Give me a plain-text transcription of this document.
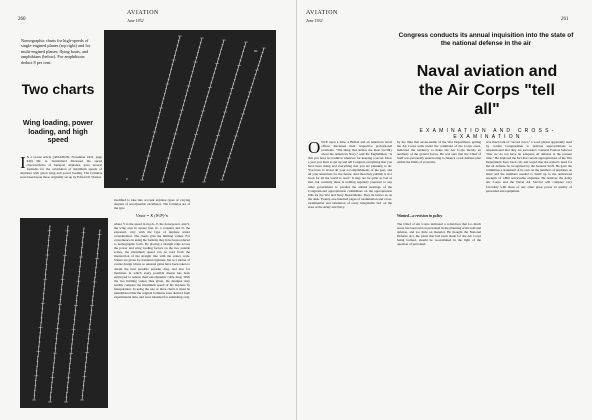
260
AVIATION
June 1932
Nomographic charts for high-speeds of single-engined planes (top right) and for multi-engined planes; flying boats, and amphibians (below). For amphibious deduct 8 per cent.
Two charts
Wing loading, power loading, and high speed
I N a recent article (AVIATION, November 1931, page 630) Mr. A. Sunderland discussed the speed characteristics of transport airplanes, gave several formulas for the calculation of maximum speeds of airplanes with given wing and power loading. The formulas were based upon those originally set up by Edward P. Warner,	0
60
modified to take into account airplane types of varying degrees of aerodynamic excellence. The formulas are of the type
Vmax = K (W/P)^n
where V is the speed in m.p.h., P, the horsepower, and S, the wing area in square feet. K, a constant and N, the exponent, vary with the type of airplane under consideration. The charts give the limiting values. For convenience in using the formula they have been reduced to nomographic form. By placing a straight edge across the power and wing loading factors on the two outside scales, the maximum speed can be read from the intersection of the straight line with the center scale. Values are given for standard airplanes, but as a matter of course design where so unusual gains have been taken to obtain the best possible parasite drag, and also for machines in which every possible means has been employed to reduce their aerodynamic cable drag. With the two limiting values thus given, the designer may readily compare the maximum speed of his airplane by interpolation. In using the one or three charts it must be remembered that the original formulas were derived from experimental data, and were intended for estimating only.
AVIATION
June 1932	261
Congress conducts its annual inquisition into the state of the national defense in the air
Naval aviation and the Air Corps "tell all"
EXAMINATION AND CROSS-EXAMINATION
O NCE upon a time, a British and an American naval officer discussed their respective professional problems. "The thing that strikes me most forcibly about the American Navy," said the Englishman, "is that you have no tradition whatever for keeping a secret. Once a year you have to get up and tell Congress everything that you have been doing and everything that you are planning to do. You have to reveal all your accomplishments of the past, and all your intentions for the future. And then they publish it in a book for all the world to read." It may not be quite so bad as that, but certainly there is nothing regularly prepared to any other government to parallel the annual hearings of the Congressional appropriation committees on the appropriation bills for the War and Navy Departments. They lie before us on the desk. Twenty-one hundred pages of examination and cross-examination and tabulation of every imaginable fact on the state of the Army and Navy.
by the time that seven-tenths of the War Department, getting the Air Corps units under the command of the Corps areas, indicated the tendency to make the Air Corps merely an auxiliary of the ground forces. He was sure that the Chief of Staff was personally endeavoring to finance a real defense plan within the limits of economy.
Wanted—a revision in policy
The Chief of Air Corps indicated a conviction that too much stress has been laid on personnel in the planning of the national defense, and too little on materiel. He thought the National Defense Act, the plans that had been made for the Air Corps being formed, should be re-examined in the light of the question of personnel.
was much talk of "sacred cows," a word phrase apparently used by certain Congressmen to indicate appropriations so unquestioned that they are sacrosanct. General Foulois believes "that we do not have an adequate air defense at the present time." He deplored the fact that certain appropriations of the War Department have been cut, and urged that the nation's need for the air defense be recognized by the General Staff. He gave the committee a statement of its own on the numbers of airplanes on hand and the numbers needed to build up to the authorized strength of 1,800 serviceable airplanes. He believes the Army Air Corps and the Naval Air Service will compare very favorably with those of any other great power in quality of personnel and equipment.
